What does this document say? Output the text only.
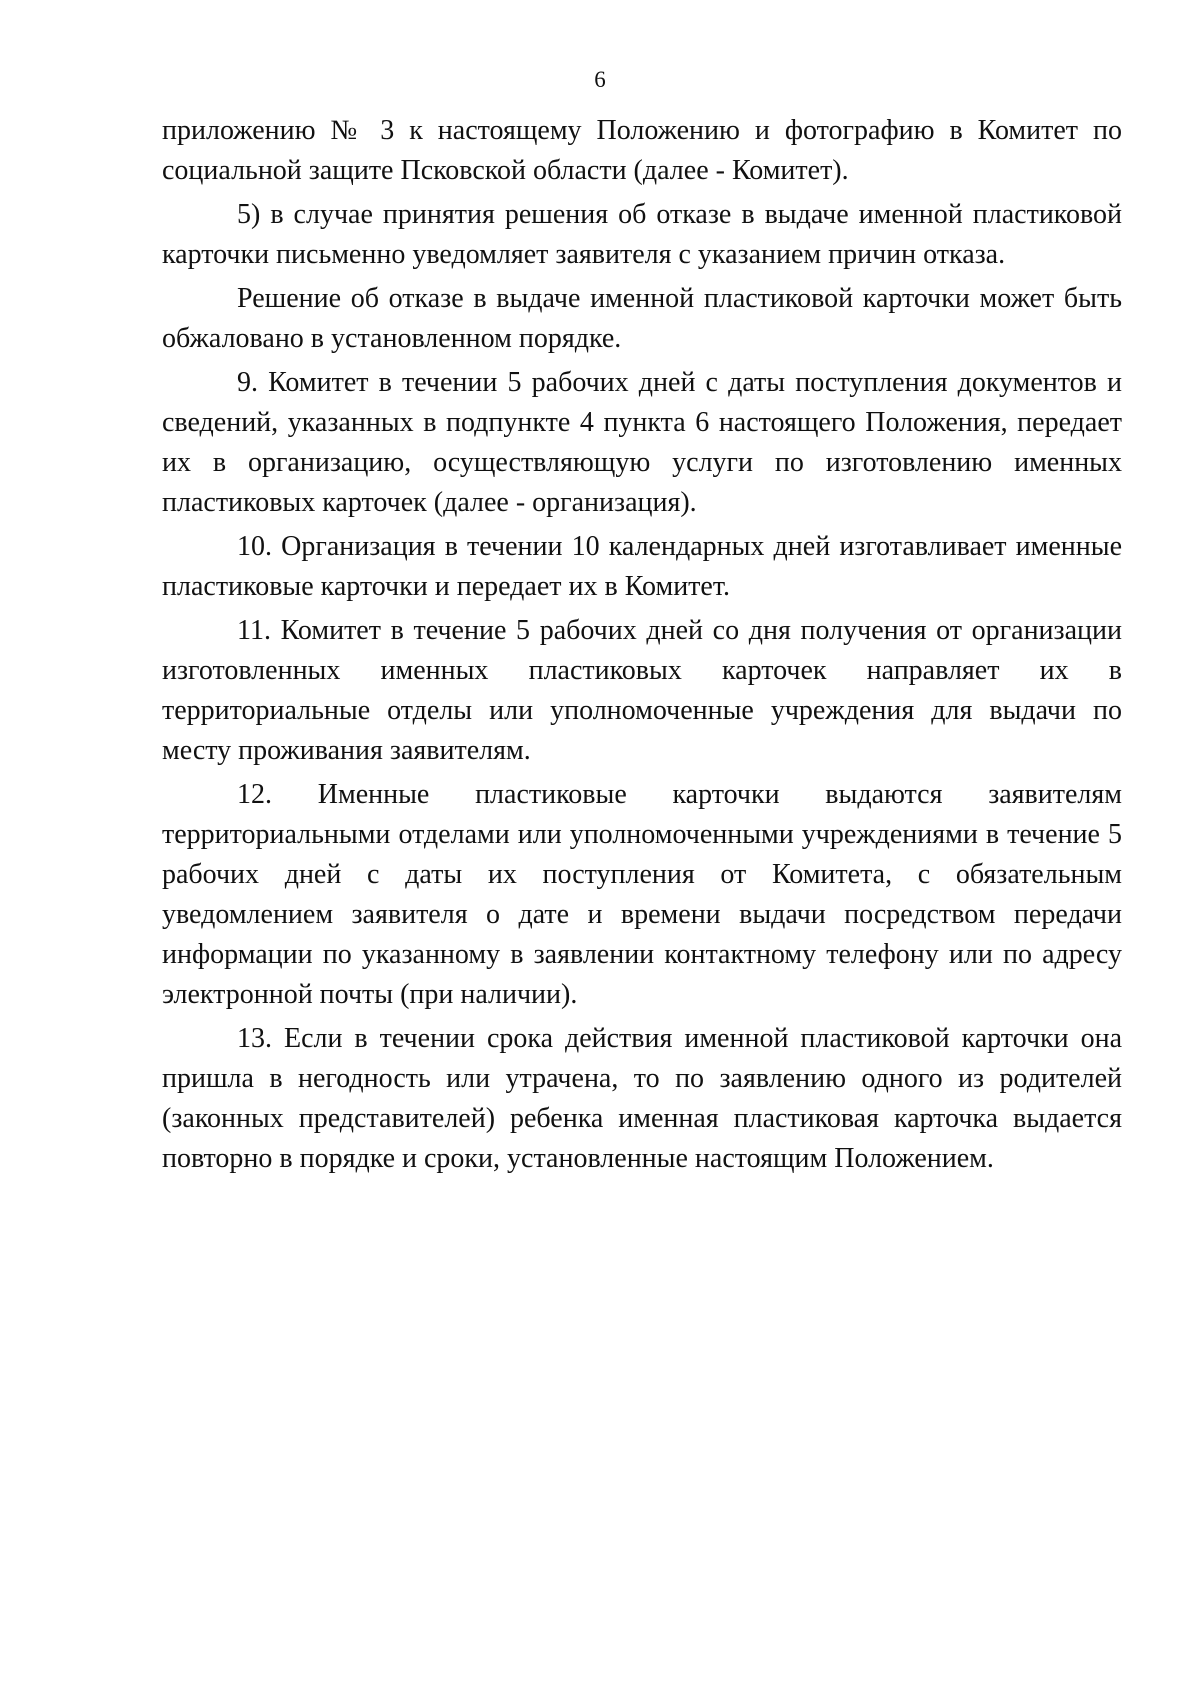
6

приложению № 3 к настоящему Положению и фотографию в Комитет по социальной защите Псковской области (далее - Комитет).

5) в случае принятия решения об отказе в выдаче именной пластиковой карточки письменно уведомляет заявителя с указанием причин отказа.

Решение об отказе в выдаче именной пластиковой карточки может быть обжаловано в установленном порядке.

9. Комитет в течении 5 рабочих дней с даты поступления документов и сведений, указанных в подпункте 4 пункта 6 настоящего Положения, передает их в организацию, осуществляющую услуги по изготовлению именных пластиковых карточек (далее - организация).

10. Организация в течении 10 календарных дней изготавливает именные пластиковые карточки и передает их в Комитет.

11. Комитет в течение 5 рабочих дней со дня получения от организации изготовленных именных пластиковых карточек направляет их в территориальные отделы или уполномоченные учреждения для выдачи по месту проживания заявителям.

12. Именные пластиковые карточки выдаются заявителям территориальными отделами или уполномоченными учреждениями в течение 5 рабочих дней с даты их поступления от Комитета, с обязательным уведомлением заявителя о дате и времени выдачи посредством передачи информации по указанному в заявлении контактному телефону или по адресу электронной почты (при наличии).

13. Если в течении срока действия именной пластиковой карточки она пришла в негодность или утрачена, то по заявлению одного из родителей (законных представителей) ребенка именная пластиковая карточка выдается повторно в порядке и сроки, установленные настоящим Положением.
